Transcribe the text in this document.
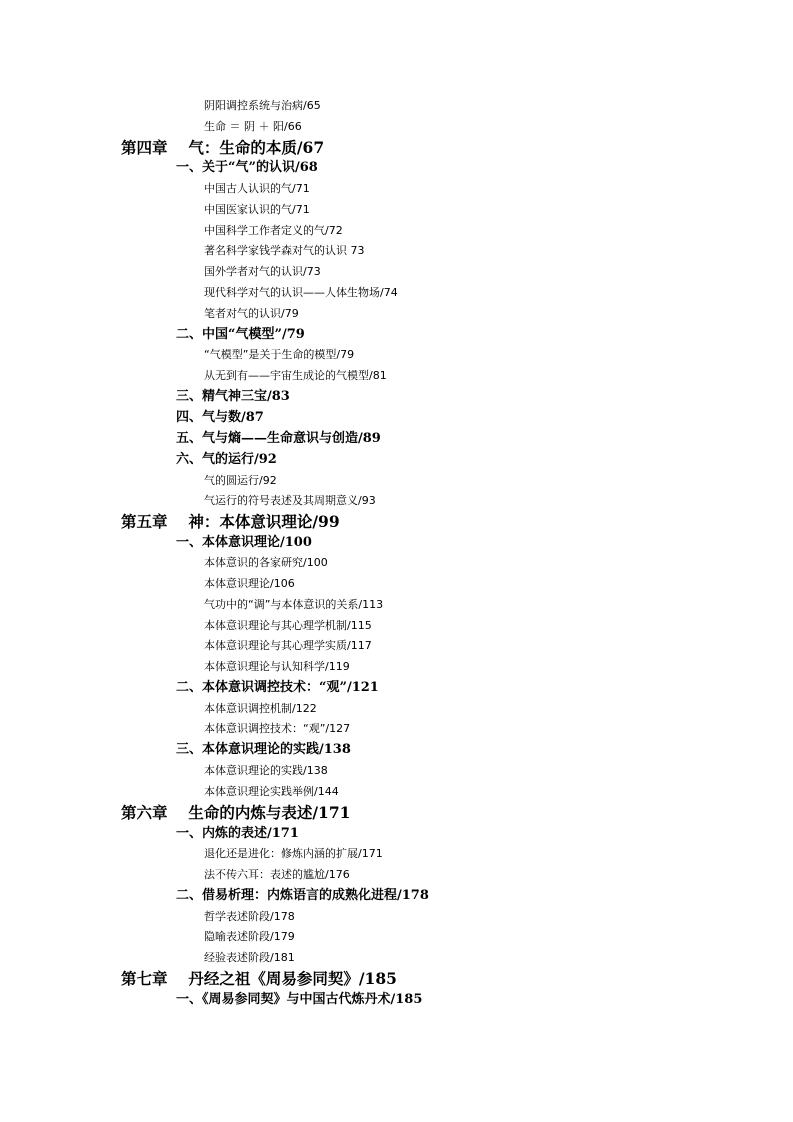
阴阳调控系统与治病/65
生命 ＝ 阴 ＋ 阳/66
第四章　 气：生命的本质/67
一、关于“气”的认识/68
中国古人认识的气/71
中国医家认识的气/71
中国科学工作者定义的气/72
著名科学家钱学森对气的认识 73
国外学者对气的认识/73
现代科学对气的认识——人体生物场/74
笔者对气的认识/79
二、中国“气模型”/79
“气模型”是关于生命的模型/79
从无到有——宇宙生成论的气模型/81
三、精气神三宝/83
四、气与数/87
五、气与熵——生命意识与创造/89
六、气的运行/92
气的圆运行/92
气运行的符号表述及其周期意义/93
第五章　 神：本体意识理论/99
一、本体意识理论/100
本体意识的各家研究/100
本体意识理论/106
气功中的“调”与本体意识的关系/113
本体意识理论与其心理学机制/115
本体意识理论与其心理学实质/117
本体意识理论与认知科学/119
二、本体意识调控技术：“观”/121
本体意识调控机制/122
本体意识调控技术：“观”/127
三、本体意识理论的实践/138
本体意识理论的实践/138
本体意识理论实践举例/144
第六章　 生命的内炼与表述/171
一、内炼的表述/171
退化还是进化：修炼内涵的扩展/171
法不传六耳：表述的尴尬/176
二、借易析理：内炼语言的成熟化进程/178
哲学表述阶段/178
隐喻表述阶段/179
经验表述阶段/181
第七章　 丹经之祖《周易参同契》/185
一、《周易参同契》与中国古代炼丹术/185
